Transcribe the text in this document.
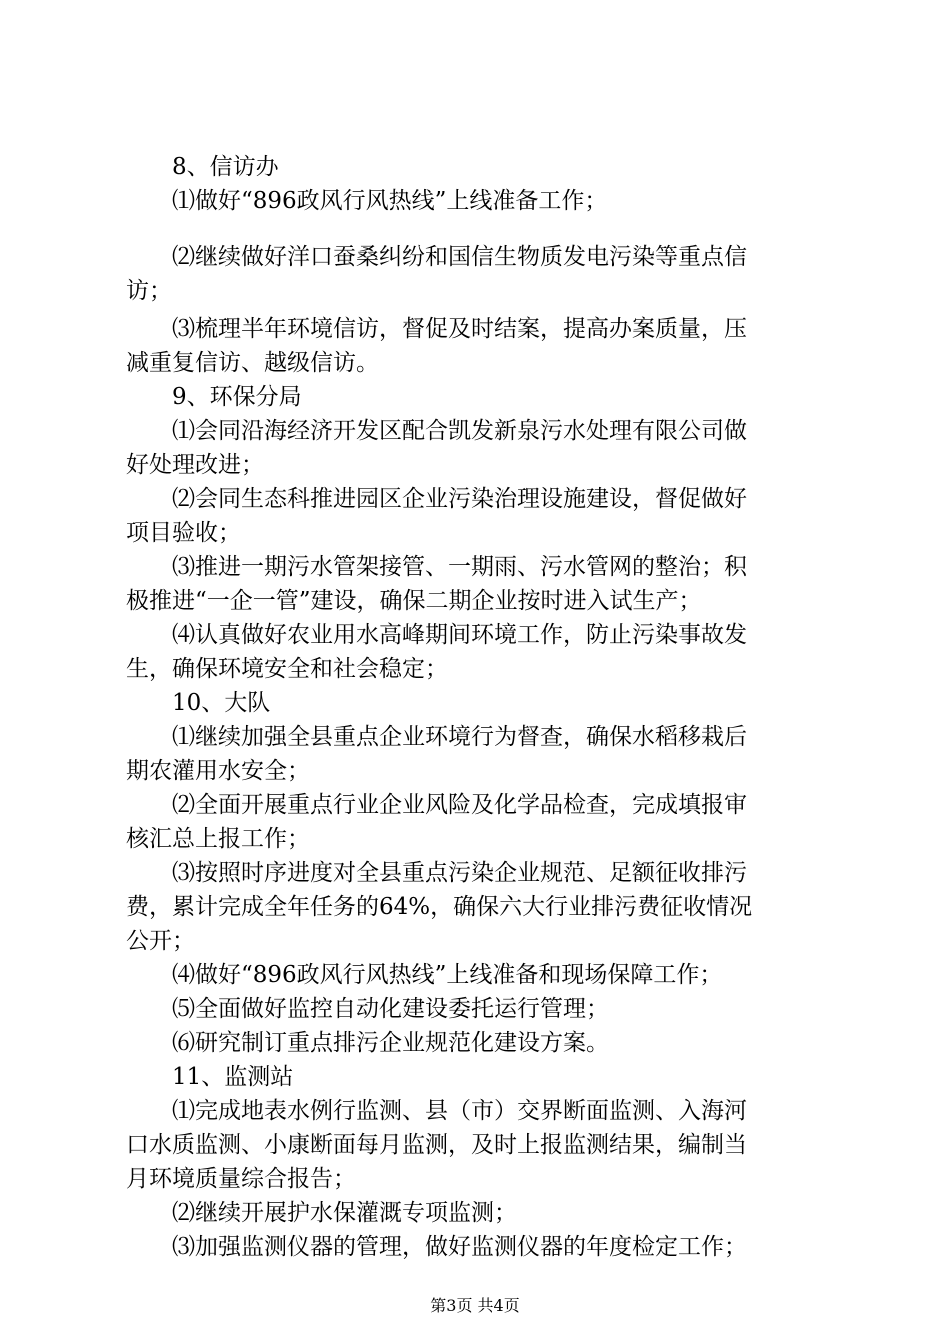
8、信访办
⑴做好“896政风行风热线”上线准备工作；
⑵继续做好洋口蚕桑纠纷和国信生物质发电污染等重点信
访；
⑶梳理半年环境信访，督促及时结案，提高办案质量，压
减重复信访、越级信访。
9、环保分局
⑴会同沿海经济开发区配合凯发新泉污水处理有限公司做
好处理改进；
⑵会同生态科推进园区企业污染治理设施建设，督促做好
项目验收；
⑶推进一期污水管架接管、一期雨、污水管网的整治；积
极推进“一企一管”建设，确保二期企业按时进入试生产；
⑷认真做好农业用水高峰期间环境工作，防止污染事故发
生，确保环境安全和社会稳定；
10、大队
⑴继续加强全县重点企业环境行为督查，确保水稻移栽后
期农灌用水安全；
⑵全面开展重点行业企业风险及化学品检查，完成填报审
核汇总上报工作；
⑶按照时序进度对全县重点污染企业规范、足额征收排污
费，累计完成全年任务的64%，确保六大行业排污费征收情况
公开；
⑷做好“896政风行风热线”上线准备和现场保障工作；
⑸全面做好监控自动化建设委托运行管理；
⑹研究制订重点排污企业规范化建设方案。
11、监测站
⑴完成地表水例行监测、县（市）交界断面监测、入海河
口水质监测、小康断面每月监测，及时上报监测结果，编制当
月环境质量综合报告；
⑵继续开展护水保灌溉专项监测；
⑶加强监测仪器的管理，做好监测仪器的年度检定工作；
第3页 共4页
